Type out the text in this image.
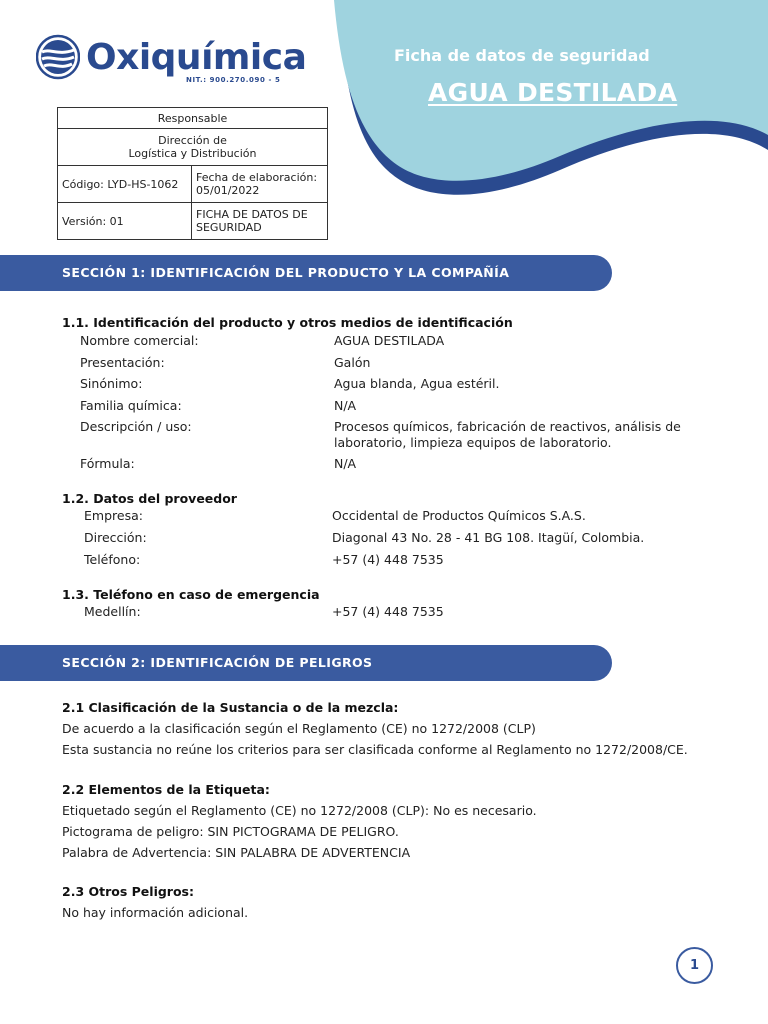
Oxiquímica
NIT.: 900.270.090 - 5
Ficha de datos de seguridad
AGUA DESTILADA
Responsable	

Dirección de
Logística y Distribución	

Código: LYD-HS-1062	Fecha de elaboración:
05/01/2022

Versión: 01	FICHA DE DATOS DE
SEGURIDAD
SECCIÓN 1: IDENTIFICACIÓN DEL PRODUCTO Y LA COMPAÑÍA
1.1. Identificación del producto y otros medios de identificación
Nombre comercial:	AGUA DESTILADA
Presentación:	Galón
Sinónimo:	Agua blanda, Agua estéril.
Familia química:	N/A
Descripción / uso:	Procesos químicos, fabricación de reactivos, análisis de
laboratorio, limpieza equipos de laboratorio.
Fórmula:	N/A
1.2. Datos del proveedor
Empresa:	Occidental de Productos Químicos S.A.S.
Dirección:	Diagonal 43 No. 28 - 41 BG 108. Itagüí, Colombia.
Teléfono:	+57 (4) 448 7535
1.3. Teléfono en caso de emergencia
Medellín:	+57 (4) 448 7535
SECCIÓN 2: IDENTIFICACIÓN DE PELIGROS
2.1 Clasificación de la Sustancia o de la mezcla:
De acuerdo a la clasificación según el Reglamento (CE) no 1272/2008 (CLP)
Esta sustancia no reúne los criterios para ser clasificada conforme al Reglamento no 1272/2008/CE.
2.2 Elementos de la Etiqueta:
Etiquetado según el Reglamento (CE) no 1272/2008 (CLP): No es necesario.
Pictograma de peligro: SIN PICTOGRAMA DE PELIGRO.
Palabra de Advertencia: SIN PALABRA DE ADVERTENCIA
2.3 Otros Peligros:
No hay información adicional.
1
